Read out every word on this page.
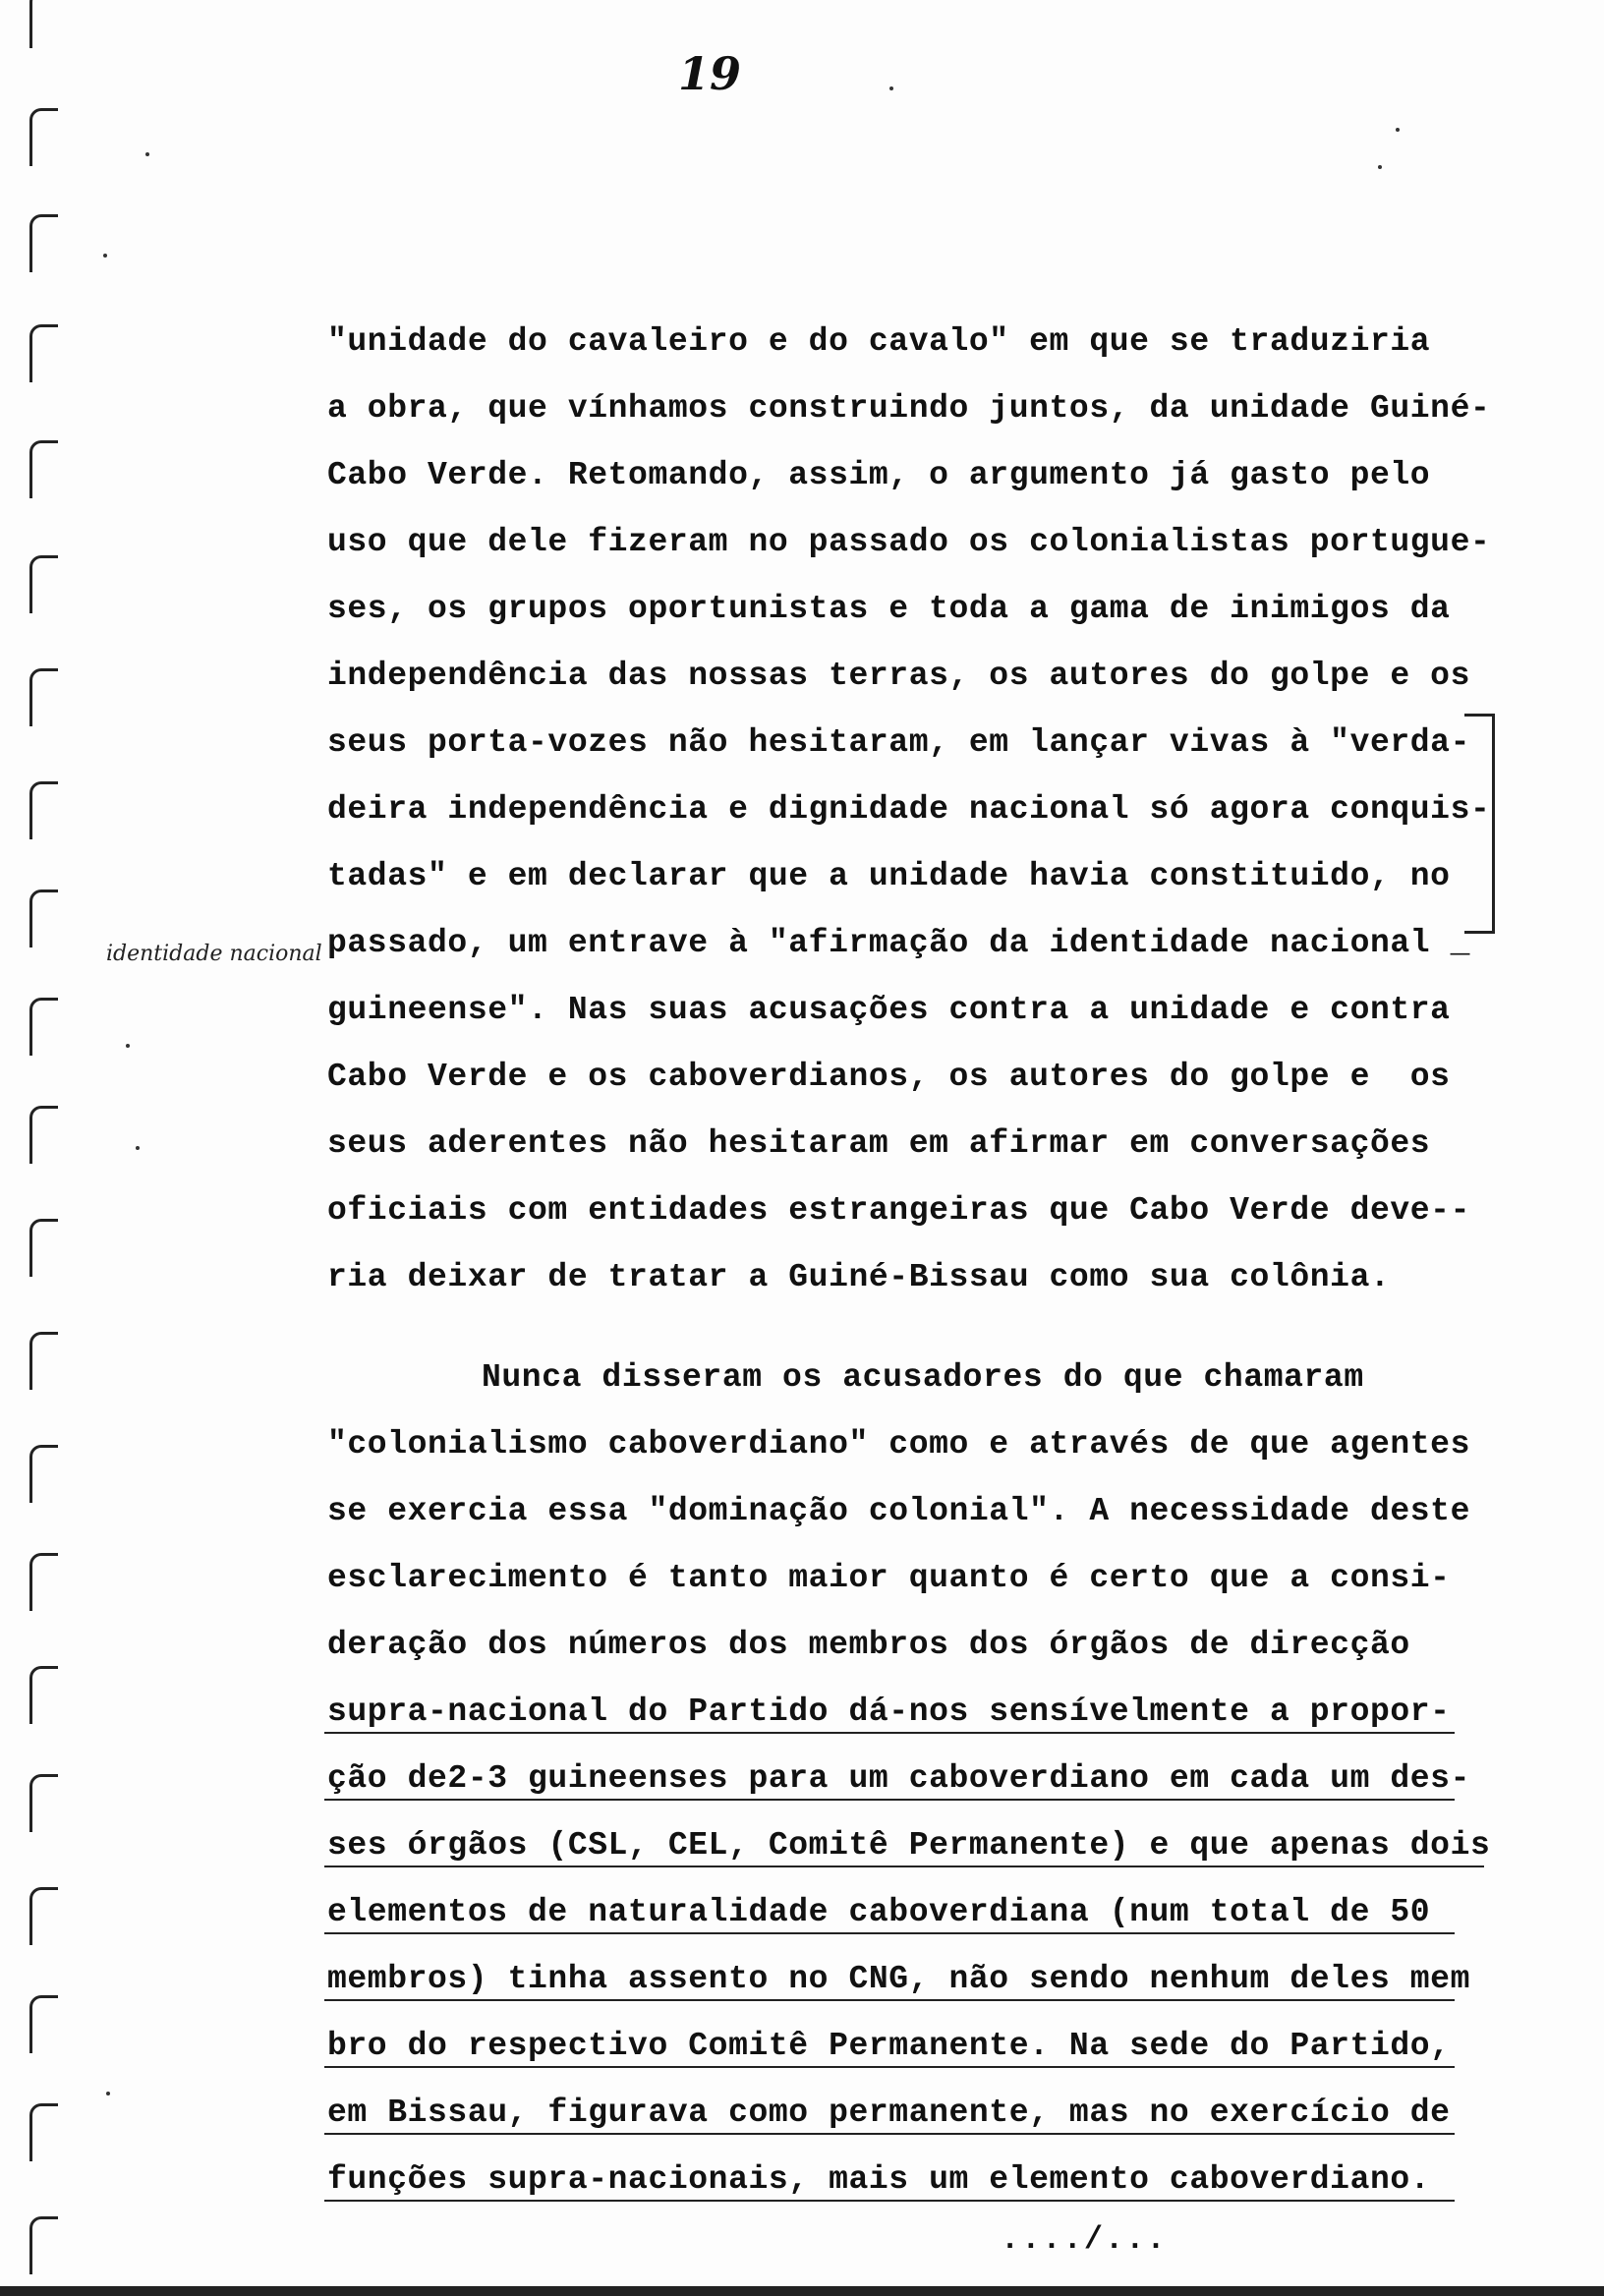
19
identidade nacional
"unidade do cavaleiro e do cavalo" em que se traduziria
a obra, que vínhamos construindo juntos, da unidade Guiné-
Cabo Verde. Retomando, assim, o argumento já gasto pelo
uso que dele fizeram no passado os colonialistas portugue-
ses, os grupos oportunistas e toda a gama de inimigos da
independência das nossas terras, os autores do golpe e os
seus porta-vozes não hesitaram, em lançar vivas à "verda-
deira independência e dignidade nacional só agora conquis-
tadas" e em declarar que a unidade havia constituido, no
passado, um entrave à "afirmação da identidade nacional _
guineense". Nas suas acusações contra a unidade e contra
Cabo Verde e os caboverdianos, os autores do golpe e  os
seus aderentes não hesitaram em afirmar em conversações
oficiais com entidades estrangeiras que Cabo Verde deve--
ria deixar de tratar a Guiné-Bissau como sua colônia.
Nunca disseram os acusadores do que chamaram
"colonialismo caboverdiano" como e através de que agentes
se exercia essa "dominação colonial". A necessidade deste
esclarecimento é tanto maior quanto é certo que a consi-
deração dos números dos membros dos órgãos de direcção
supra-nacional do Partido dá-nos sensívelmente a propor-
ção de2-3 guineenses para um caboverdiano em cada um des-
ses órgãos (CSL, CEL, Comitê Permanente) e que apenas dois
elementos de naturalidade caboverdiana (num total de 50
membros) tinha assento no CNG, não sendo nenhum deles mem
bro do respectivo Comitê Permanente. Na sede do Partido,
em Bissau, figurava como permanente, mas no exercício de
funções supra-nacionais, mais um elemento caboverdiano.
..../...
